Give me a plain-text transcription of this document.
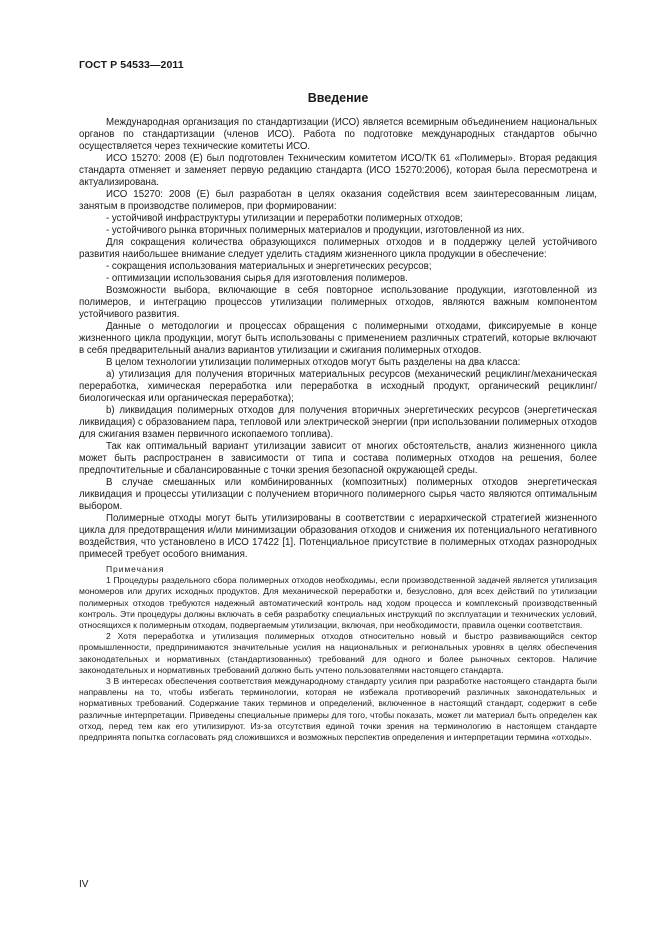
ГОСТ Р 54533—2011
Введение

Международная организация по стандартизации (ИСО) является всемирным объединением национальных органов по стандартизации (членов ИСО). Работа по подготовке международных стандартов обычно осуществляется через технические комитеты ИСО.

ИСО 15270: 2008 (E) был подготовлен Техническим комитетом ИСО/ТК 61 «Полимеры». Вторая редакция стандарта отменяет и заменяет первую редакцию стандарта (ИСО 15270:2006), которая была пересмотрена и актуализирована.

ИСО 15270: 2008 (E) был разработан в целях оказания содействия всем заинтересованным лицам, занятым в производстве полимеров, при формировании:

- устойчивой инфраструктуры утилизации и переработки полимерных отходов;

- устойчивого рынка вторичных полимерных материалов и продукции, изготовленной из них.

Для сокращения количества образующихся полимерных отходов и в поддержку целей устойчивого развития наибольшее внимание следует уделить стадиям жизненного цикла продукции в обеспечение:

- сокращения использования материальных и энергетических ресурсов;

- оптимизации использования сырья для изготовления полимеров.

Возможности выбора, включающие в себя повторное использование продукции, изготовленной из полимеров, и интеграцию процессов утилизации полимерных отходов, являются важным компонентом устойчивого развития.

Данные о методологии и процессах обращения с полимерными отходами, фиксируемые в конце жизненного цикла продукции, могут быть использованы с применением различных стратегий, которые включают в себя предварительный анализ вариантов утилизации и сжигания полимерных отходов.

В целом технологии утилизации полимерных отходов могут быть разделены на два класса:

a) утилизация для получения вторичных материальных ресурсов (механический рециклинг/механическая переработка, химическая переработка или переработка в исходный продукт, органический рециклинг/биологическая или органическая переработка);

b) ликвидация полимерных отходов для получения вторичных энергетических ресурсов (энергетическая ликвидация) с образованием пара, тепловой или электрической энергии (при использовании полимерных отходов для сжигания взамен первичного ископаемого топлива).

Так как оптимальный вариант утилизации зависит от многих обстоятельств, анализ жизненного цикла может быть распространен в зависимости от типа и состава полимерных отходов на решения, более предпочтительные и сбалансированные с точки зрения безопасной окружающей среды.

В случае смешанных или комбинированных (композитных) полимерных отходов энергетическая ликвидация и процессы утилизации с получением вторичного полимерного сырья часто являются оптимальным выбором.

Полимерные отходы могут быть утилизированы в соответствии с иерархической стратегией жизненного цикла для предотвращения и/или минимизации образования отходов и снижения их потенциального негативного воздействия, что установлено в ИСО 17422 [1]. Потенциальное присутствие в полимерных отходах разнородных примесей требует особого внимания.

Примечания

1 Процедуры раздельного сбора полимерных отходов необходимы, если производственной задачей является утилизация мономеров или других исходных продуктов. Для механической переработки и, безусловно, для всех действий по утилизации полимерных отходов требуются надежный автоматический контроль над ходом процесса и комплексный производственный контроль. Эти процедуры должны включать в себя разработку специальных инструкций по эксплуатации и технических условий, относящихся к полимерным отходам, подвергаемым утилизации, включая, при необходимости, правила оценки соответствия.

2 Хотя переработка и утилизация полимерных отходов относительно новый и быстро развивающийся сектор промышленности, предпринимаются значительные усилия на национальных и региональных уровнях в целях обеспечения законодательных и нормативных (стандартизованных) требований для одного и более рыночных секторов. Наличие законодательных и нормативных требований должно быть учтено пользователями настоящего стандарта.

3 В интересах обеспечения соответствия международному стандарту усилия при разработке настоящего стандарта были направлены на то, чтобы избегать терминологии, которая не избежала противоречий различных законодательных и нормативных требований. Содержание таких терминов и определений, включенное в настоящий стандарт, содержит в себе различные интерпретации. Приведены специальные примеры для того, чтобы показать, может ли материал быть определен как отход, перед тем как его утилизируют. Из-за отсутствия единой точки зрения на терминологию в настоящем стандарте предпринята попытка согласовать ряд сложившихся и возможных перспектив определения и интерпретации термина «отходы».

IV
